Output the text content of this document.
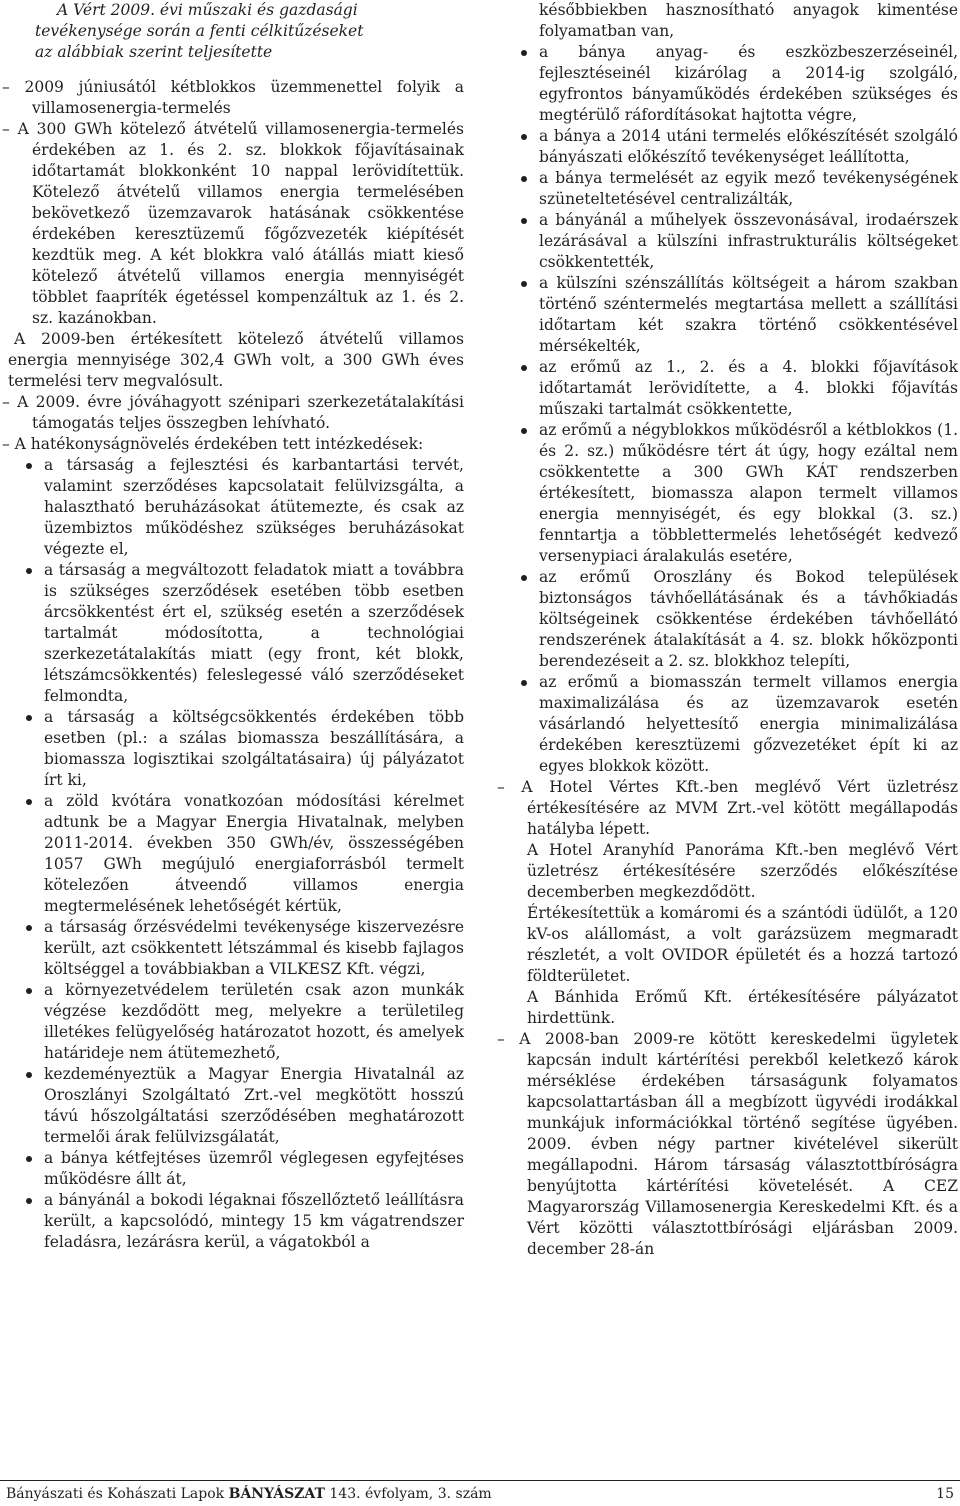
A Vért 2009. évi műszaki és gazdasági
tevékenysége során a fenti célkitűzéseket
az alábbiak szerint teljesítette
– 2009 júniusától kétblokkos üzemmenettel folyik a villamosenergia-termelés
– A 300 GWh kötelező átvételű villamosenergia-termelés érdekében az 1. és 2. sz. blokkok főjavításainak időtartamát blokkonként 10 nappal lerövidítettük. Kötelező átvételű villamos energia termelésében bekövetkező üzemzavarok hatásának csökkentése érdekében keresztüzemű főgőzvezeték kiépítését kezdtük meg. A két blokkra való átállás miatt kieső kötelező átvételű villamos energia mennyiségét többlet faapríték égetéssel kompenzáltuk az 1. és 2. sz. kazánokban.
A 2009-ben értékesített kötelező átvételű villamos energia mennyisége 302,4 GWh volt, a 300 GWh éves termelési terv megvalósult.
– A 2009. évre jóváhagyott szénipari szerkezetátalakítási támogatás teljes összegben lehívható.
– A hatékonyságnövelés érdekében tett intézkedések:
a társaság a fejlesztési és karbantartási tervét, valamint szerződéses kapcsolatait felülvizsgálta, a halasztható beruházásokat átütemezte, és csak az üzembiztos működéshez szükséges beruházásokat végezte el,
a társaság a megváltozott feladatok miatt a továbbra is szükséges szerződések esetében több esetben árcsökkentést ért el, szükség esetén a szerződések tartalmát módosította, a technológiai szerkezetátalakítás miatt (egy front, két blokk, létszámcsökkentés) feleslegessé váló szerződéseket felmondta,
a társaság a költségcsökkentés érdekében több esetben (pl.: a szálas biomassza beszállítására, a biomassza logisztikai szolgáltatásaira) új pályázatot írt ki,
a zöld kvótára vonatkozóan módosítási kérelmet adtunk be a Magyar Energia Hivatalnak, melyben 2011-2014. években 350 GWh/év, összességében 1057 GWh megújuló energiaforrásból termelt kötelezően átveendő villamos energia megtermelésének lehetőségét kértük,
a társaság őrzésvédelmi tevékenysége kiszervezésre került, azt csökkentett létszámmal és kisebb fajlagos költséggel a továbbiakban a VILKESZ Kft. végzi,
a környezetvédelem területén csak azon munkák végzése kezdődött meg, melyekre a területileg illetékes felügyelőség határozatot hozott, és amelyek határideje nem átütemezhető,
kezdeményeztük a Magyar Energia Hivatalnál az Oroszlányi Szolgáltató Zrt.-vel megkötött hosszú távú hőszolgáltatási szerződésében meghatározott termelői árak felülvizsgálatát,
a bánya kétfejtéses üzemről véglegesen egyfejtéses működésre állt át,
a bányánál a bokodi légaknai főszellőztető leállításra került, a kapcsolódó, mintegy 15 km vágatrendszer feladásra, lezárásra kerül, a vágatokból a
későbbiekben hasznosítható anyagok kimentése folyamatban van,
a bánya anyag- és eszközbeszerzéseinél, fejlesztéseinél kizárólag a 2014-ig szolgáló, egyfrontos bányaműködés érdekében szükséges és megtérülő ráfordításokat hajtotta végre,
a bánya a 2014 utáni termelés előkészítését szolgáló bányászati előkészítő tevékenységet leállította,
a bánya termelését az egyik mező tevékenységének szüneteltetésével centralizálták,
a bányánál a műhelyek összevonásával, irodaérszek lezárásával a külszíni infrastrukturális költségeket csökkentették,
a külszíni szénszállítás költségeit a három szakban történő széntermelés megtartása mellett a szállítási időtartam két szakra történő csökkentésével mérsékelték,
az erőmű az 1., 2. és a 4. blokki főjavítások időtartamát lerövidítette, a 4. blokki főjavítás műszaki tartalmát csökkentette,
az erőmű a négyblokkos működésről a kétblokkos (1. és 2. sz.) működésre tért át úgy, hogy ezáltal nem csökkentette a 300 GWh KÁT rendszerben értékesített, biomassza alapon termelt villamos energia mennyiségét, és egy blokkal (3. sz.) fenntartja a többlettermelés lehetőségét kedvező versenypiaci áralakulás esetére,
az erőmű Oroszlány és Bokod települések biztonságos távhőellátásának és a távhőkiadás költségeinek csökkentése érdekében távhőellátó rendszerének átalakítását a 4. sz. blokk hőközponti berendezéseit a 2. sz. blokkhoz telepíti,
az erőmű a biomasszán termelt villamos energia maximalizálása és az üzemzavarok esetén vásárlandó helyettesítő energia minimalizálása érdekében keresztüzemi gőzvezetéket épít ki az egyes blokkok között.
– A Hotel Vértes Kft.-ben meglévő Vért üzletrész értékesítésére az MVM Zrt.-vel kötött megállapodás hatályba lépett.
A Hotel Aranyhíd Panoráma Kft.-ben meglévő Vért üzletrész értékesítésére szerződés előkészítése decemberben megkezdődött.
Értékesítettük a komáromi és a szántódi üdülőt, a 120 kV-os alállomást, a volt garázsüzem megmaradt részletét, a volt OVIDOR épületét és a hozzá tartozó földterületet.
A Bánhida Erőmű Kft. értékesítésére pályázatot hirdettünk.
– A 2008-ban 2009-re kötött kereskedelmi ügyletek kapcsán indult kártérítési perekből keletkező károk mérséklése érdekében társaságunk folyamatos kapcsolattartásban áll a megbízott ügyvédi irodákkal munkájuk információkkal történő segítése ügyében. 2009. évben négy partner kivételével sikerült megállapodni. Három társaság választottbíróságra benyújtotta kártérítési követelését. A CEZ Magyarország Villamosenergia Kereskedelmi Kft. és a Vért közötti választottbírósági eljárásban 2009. december 28-án
Bányászati és Kohászati Lapok BÁNYÁSZAT 143. évfolyam, 3. szám	15
